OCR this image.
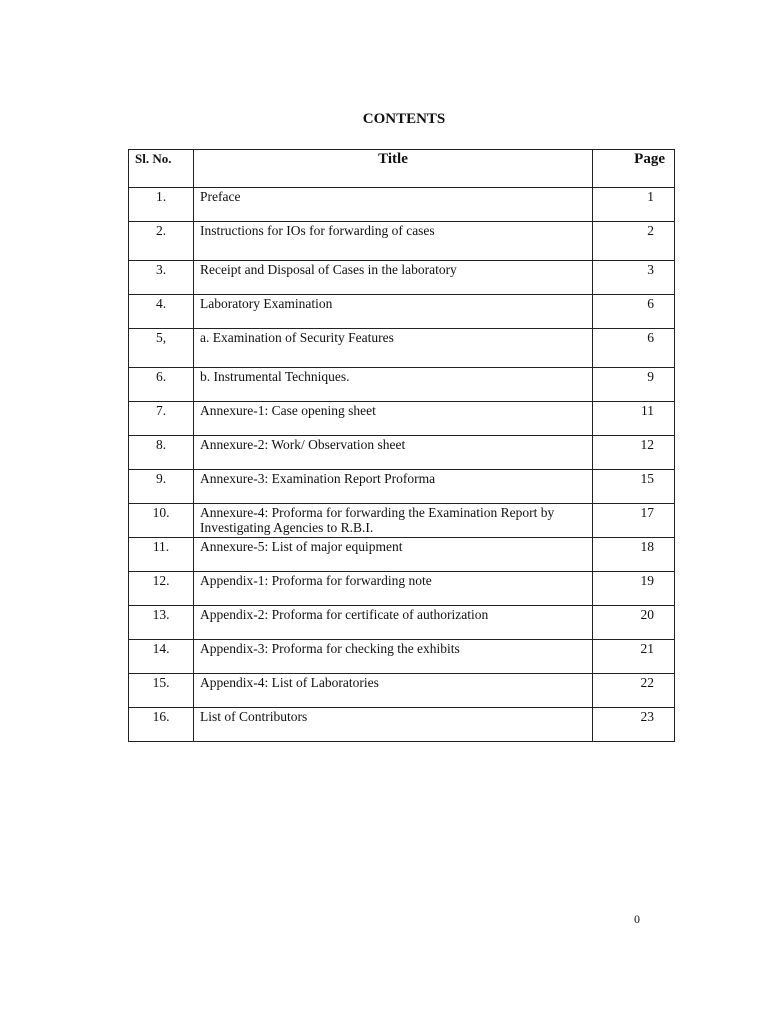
CONTENTS
Sl. No.	Title	Page
1.	Preface	1
2.	Instructions for IOs for forwarding of cases	2
3.	Receipt and Disposal of Cases in the laboratory	3
4.	Laboratory Examination	6
5,	a. Examination of Security Features	6
6.	b. Instrumental Techniques.	9
7.	Annexure-1: Case opening sheet	11
8.	Annexure-2: Work/ Observation sheet	12
9.	Annexure-3: Examination Report Proforma	15
10.	Annexure-4: Proforma for forwarding the Examination Report by Investigating Agencies to R.B.I.	17
11.	Annexure-5: List of major equipment	18
12.	Appendix-1: Proforma for forwarding note	19
13.	Appendix-2: Proforma for certificate of authorization	20
14.	Appendix-3: Proforma for checking the exhibits	21
15.	Appendix-4: List of Laboratories	22
16.	List of Contributors	23
0
